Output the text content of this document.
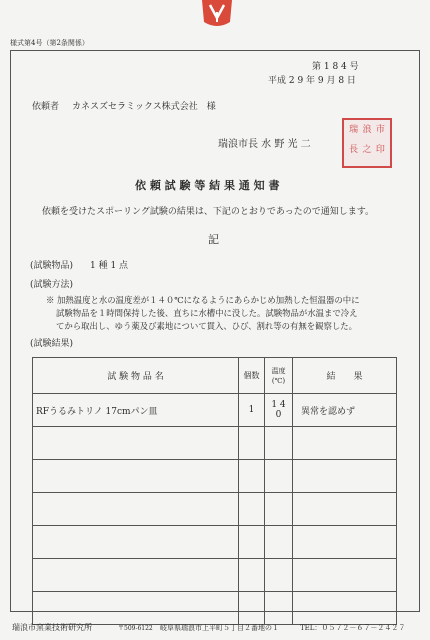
様式第4号（第2条関係）
第 1 8 4 号
平成 2 9 年 9 月 8 日
依頼者 カネスズセラミックス株式会社　様
瑞浪市長 水 野 光 二
瑞 浪 市
長 之 印
依 頼 試 験 等 結 果 通 知 書
依頼を受けたスポーリング試験の結果は、下記のとおりであったので通知します。
記
(試験物品) 1 種 1 点
(試験方法)
※ 加熱温度と水の温度差が１４０℃になるようにあらかじめ加熱した恒温器の中に
試験物品を１時間保持した後、直ちに水槽中に没した。試験物品が水温まで冷え
てから取出し、ゆう薬及び素地について貫入、ひび、割れ等の有無を観察した。
(試験結果)
試 験 物 品 名	個数	温度(℃)	結　　果
RFうるみトリノ 17cmパン皿	1	1 4 0	異常を認めず

瑞浪市窯業技術研究所	〒509-6122 岐阜県瑞浪市上平町５丁目２番地の１	TEL：０５７２－６７－２４２７
